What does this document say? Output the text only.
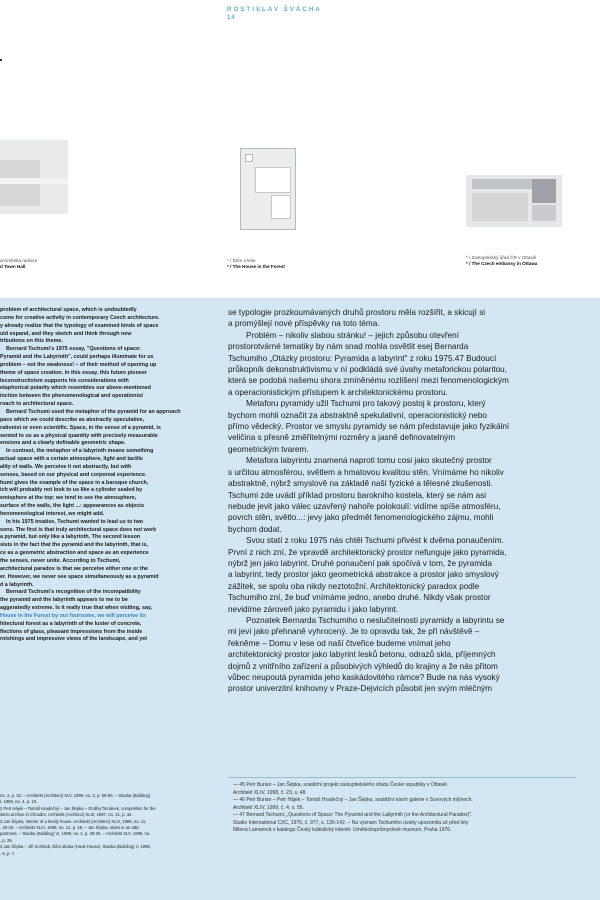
ROSTISLAV ŠVÁCHA
14
arcimbská radnice
d Town Hall
* / Dům v lese
* / The House in the Forest
* / Zastupitelský úřad ČR v Ottawě
* / The Czech embassy in Ottawa

problem of architectural space, which is undoubtedly

come for creative activity in contemporary Czech architecture.

y already realize that the typology of examined kinds of space

uld expand, and they sketch and think through new

tributions on this theme.

Bernard Tschumi's 1975 essay, "Questions of space:

Pyramid and the Labyrinth", could perhaps illuminate for us

problem – not the weakness! – of their method of opening up

theme of space creation. In this essay, this future pioneer

leconstructivism supports his considerations with

etaphorical polarity which resembles our above-mentioned

inction between the phenomenological and operationist

roach to architectural space.

Bernard Tschumi used the metaphor of the pyramid for an approach

pace which we could describe as abstractly speculative,

rationist or even scientific. Space, in the sense of a pyramid, is

sented to us as a physical quantity with precisely measurable

ensions and a clearly definable geometric shape.

In contrast, the metaphor of a labyrinth means something

actual space with a certain atmosphere, light and tactile

ality of walls. We perceive it not abstractly, but with

senses, based on our physical and corporeal experience.

humi gives the example of the space in a baroque church,

ich will probably not look to us like a cylinder sealed by

emisphere at the top: we tend to see the atmosphere,

surface of the walls, the light ...: appearances as objects

henomenological interest, we might add.

In his 1975 treatise, Tschumi wanted to lead us to two

sons. The first is that truly architectural space does not work

a pyramid, but only like a labyrinth. The second lesson

sists in the fact that the pyramid and the labyrinth, that is,

ce as a geometric abstraction and space as an experience

the senses, never unite. According to Tschumi,

architectural paradox is that we perceive either one or the

er. However, we never see space simultaneously as a pyramid

d a labyrinth.

Bernard Tschumi's recognition of the incompatibility

the pyramid and the labyrinth appears to me to be

aggeratedly extreme. Is it really true that when visiting, say,

House in the Forest by our foursome, we will perceive its

hitectural forest as a labyrinth of the luster of concrete,

flections of glass, pleasant impressions from the inside

rnishings and impressive views of the landscape, and yet

no. 2, p. 32. – Architekt (Architect) XLV, 1999, no. 3, p. 59-60. – Stavba (Building)

I, 1999, no. 4, p. 10.

2 Petr Hájek – Tomáš Hradečný – Jan Šépka – Ondřej Tománek, competition for the

istrict archive in Chrudim. Architekt (Architect) XLIII, 1997, no. 21, p. 34.

3 Jan Šépka, Interior of a family house. Architekt (Architect) XLIV, 1998, no. 11,

. 28-29. – Architekt XLIV, 1998, no. 12, p. 29. – Jan Šépka, stairs in an attic

partment. – Stavba (Building) VI, 1999, no. 2, p. 28-29. – Architekt XLV, 1999, no.

, p. 29.

4 Jan Šépka – Jiří Schmidt, Dům skoba (Hook House). Stavba (Building) V, 1998,

. 6, p. 7.

se typologie prozkoumávaných druhů prostoru měla rozšířit, a skicují si

a promýšlejí nové příspěvky na toto téma.

Problém – nikoliv slabou stránku! – jejich způsobu otevření

prostorotvárné tematiky by nám snad mohla osvětlit esej Bernarda

Tschumiho „Otázky prostoru: Pyramida a labyrint" z roku 1975.47 Budoucí

průkopník dekonstruktivismu v ní podkládá své úvahy metaforickou polaritou,

která se podobá našemu shora zmíněnému rozlišení mezi fenomenologickým

a operacionistickým přístupem k architektonickému prostoru.

Metaforu pyramidy užil Tschumi pro takový postoj k prostoru, který

bychom mohli označit za abstraktně spekulativní, operacionistický nebo

přímo vědecký. Prostor ve smyslu pyramidy se nám představuje jako fyzikální

veličina s přesně změřitelnými rozměry a jasně definovatelným

geometrickým tvarem.

Metafora labyrintu znamená naproti tomu cosi jako skutečný prostor

s určitou atmosférou, světlem a hmatovou kvalitou stěn. Vnímáme ho nikoliv

abstraktně, nýbrž smyslově na základě naší fyzické a tělesné zkušenosti.

Tschumi zde uvádí příklad prostoru barokního kostela, který se nám asi

nebude jevit jako válec uzavřený nahoře polokoulí: vidíme spíše atmosféru,

povrch stěn, světlo...: jevy jako předmět fenomenologického zájmu, mohli

bychom dodat.

Svou statí z roku 1975 nás chtěl Tschumi přivést k dvěma ponaučením.

První z nich zní, že vpravdě architektonický prostor nefunguje jako pyramida,

nýbrž jen jako labyrint. Druhé ponaučení pak spočívá v tom, že pyramida

a labyrint, tedy prostor jako geometrická abstrakce a prostor jako smyslový

zážitek, se spolu oba nikdy neztotožní. Architektonický paradox podle

Tschumiho zní, že buď vnímáme jedno, anebo druhé. Nikdy však prostor

nevidíme zároveň jako pyramidu i jako labyrint.

Poznatek Bernarda Tschumiho o neslučitelnosti pyramidy a labyrintu se

mi jeví jako přehnaně vyhrocený. Je to opravdu tak, že při návštěvě –

řekněme – Domu v lese od naší čtveřice budeme vnímat jeho

architektonický prostor jako labyrint lesků betonu, odrazů skla, příjemných

dojmů z vnitřního zařízení a působivých výhledů do krajiny a že nás přitom

vůbec neupoutá pyramida jeho kaskádovitého rámce? Bude na nás vysoký

prostor univerzitní knihovny v Praze-Dejvicích působit jen svým mléčným

— 45 Petr Burian – Jan Šépka, soutěžní projekt zastupitelského úřadu České republiky v Ottawě.

Architekt XLIV, 1998, č. 23, s. 48.

— 46 Petr Burian – Petr Hájek – Tomáš Hradečný – Jan Šépka, soutěžní návrh galerie v Sovových mlýnech.

Architekt XLIV, 1999, č. 4, s. 55.

— 47 Bernard Tschumi, „Questions of Space: The Pyramid and the Labyrinth (or the Architectural Paradox)".

Studio International CXC, 1975, č. 977, s. 136-142. – Na význam Tschumiho úvahy upozornila už před lety

Milena Lamarová v katalogu Český kubistický interiér. Uměleckoprůmyslové muzeum, Praha 1976.
